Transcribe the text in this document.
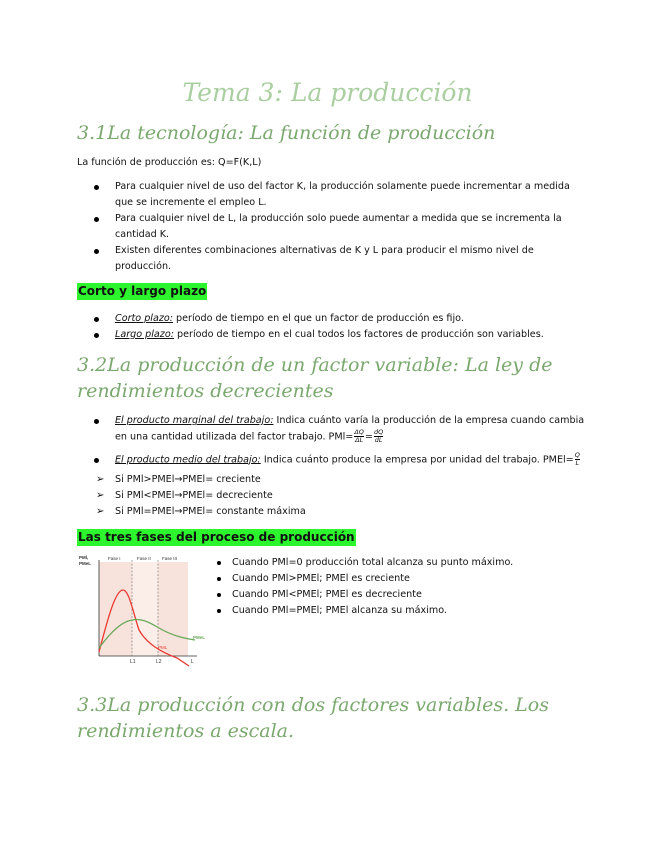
Tema 3: La producción
3.1La tecnología: La función de producción
La función de producción es: Q=F(K,L)
Para cualquier nivel de uso del factor K, la producción solamente puede incrementar a medida que se incremente el empleo L.
Para cualquier nivel de L, la producción solo puede aumentar a medida que se incrementa la cantidad K.
Existen diferentes combinaciones alternativas de K y L para producir el mismo nivel de producción.
Corto y largo plazo
Corto plazo: período de tiempo en el que un factor de producción es fijo.
Largo plazo: período de tiempo en el cual todos los factores de producción son variables.
3.2La producción de un factor variable: La ley de rendimientos decrecientes
El producto marginal del trabajo: Indica cuánto varía la producción de la empresa cuando cambia en una cantidad utilizada del factor trabajo. $PMl= \frac{\Delta Q}{\Delta L} = \frac{dQ}{dL}$
El producto medio del trabajo: Indica cuánto produce la empresa por unidad del trabajo. PMEl= $\frac{Q}{L}$
➢ Si PMl>PMEl→PMEl= creciente
➢ Si PMl<PMEl→PMEl= decreciente
➢ Si PMl=PMEl→PMEl= constante máxima
Las tres fases del proceso de producción
PMl,
PMeL
Fase I	Fase II Fase III
PMeL
PML
L1	L2	L
Cuando PMl=0 producción total alcanza su punto máximo.
Cuando PMl>PMEl; PMEl es creciente
Cuando PMl<PMEl; PMEl es decreciente
Cuando PMl=PMEl; PMEl alcanza su máximo.
3.3La producción con dos factores variables. Los rendimientos a escala.
